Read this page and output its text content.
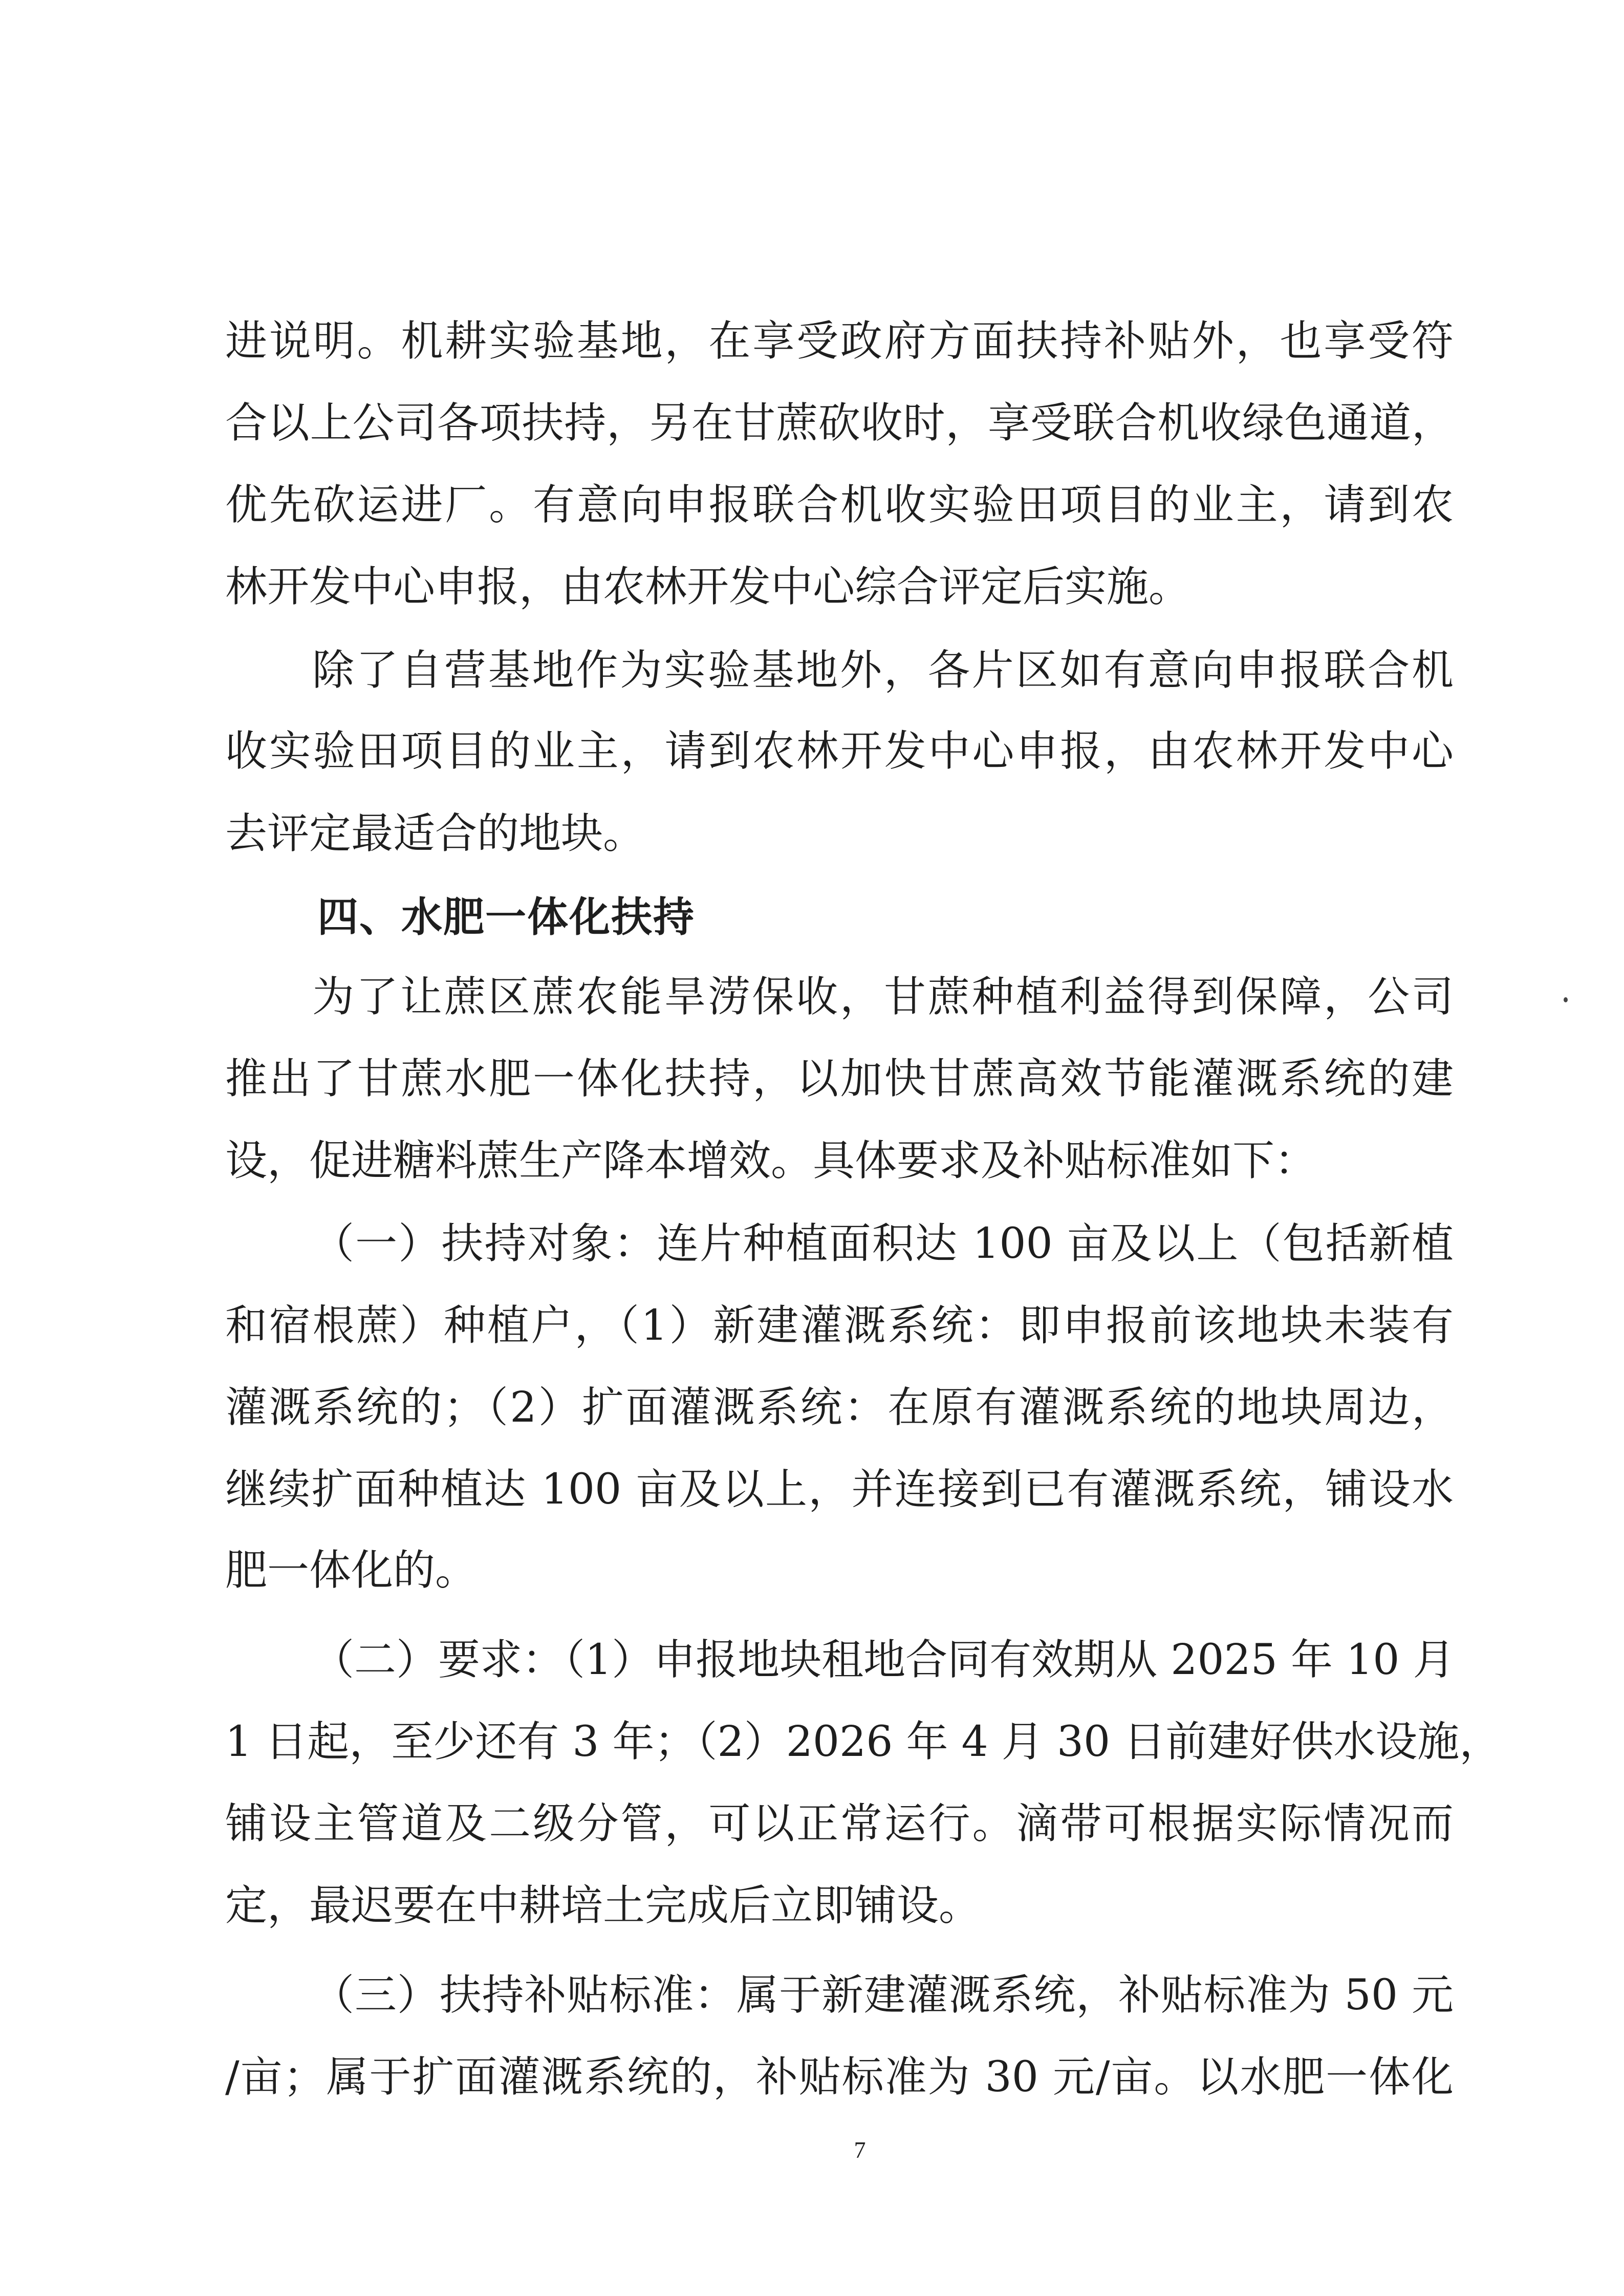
进说明。机耕实验基地，在享受政府方面扶持补贴外，也享受符
合以上公司各项扶持，另在甘蔗砍收时，享受联合机收绿色通道，
优先砍运进厂。有意向申报联合机收实验田项目的业主，请到农
林开发中心申报，由农林开发中心综合评定后实施。
除了自营基地作为实验基地外，各片区如有意向申报联合机
收实验田项目的业主，请到农林开发中心申报，由农林开发中心
去评定最适合的地块。
四、水肥一体化扶持
为了让蔗区蔗农能旱涝保收，甘蔗种植利益得到保障，公司
推出了甘蔗水肥一体化扶持，以加快甘蔗高效节能灌溉系统的建
设，促进糖料蔗生产降本增效。具体要求及补贴标准如下：
（一）扶持对象：连片种植面积达 100 亩及以上（包括新植
和宿根蔗）种植户，（1）新建灌溉系统：即申报前该地块未装有
灌溉系统的；（2）扩面灌溉系统：在原有灌溉系统的地块周边，
继续扩面种植达 100 亩及以上，并连接到已有灌溉系统，铺设水
肥一体化的。
（二）要求：（1）申报地块租地合同有效期从 2025 年 10 月
1 日起，至少还有 3 年；（2）2026 年 4 月 30 日前建好供水设施，
铺设主管道及二级分管，可以正常运行。滴带可根据实际情况而
定，最迟要在中耕培土完成后立即铺设。
（三）扶持补贴标准：属于新建灌溉系统，补贴标准为 50 元
/亩；属于扩面灌溉系统的，补贴标准为 30 元/亩。以水肥一体化
7
